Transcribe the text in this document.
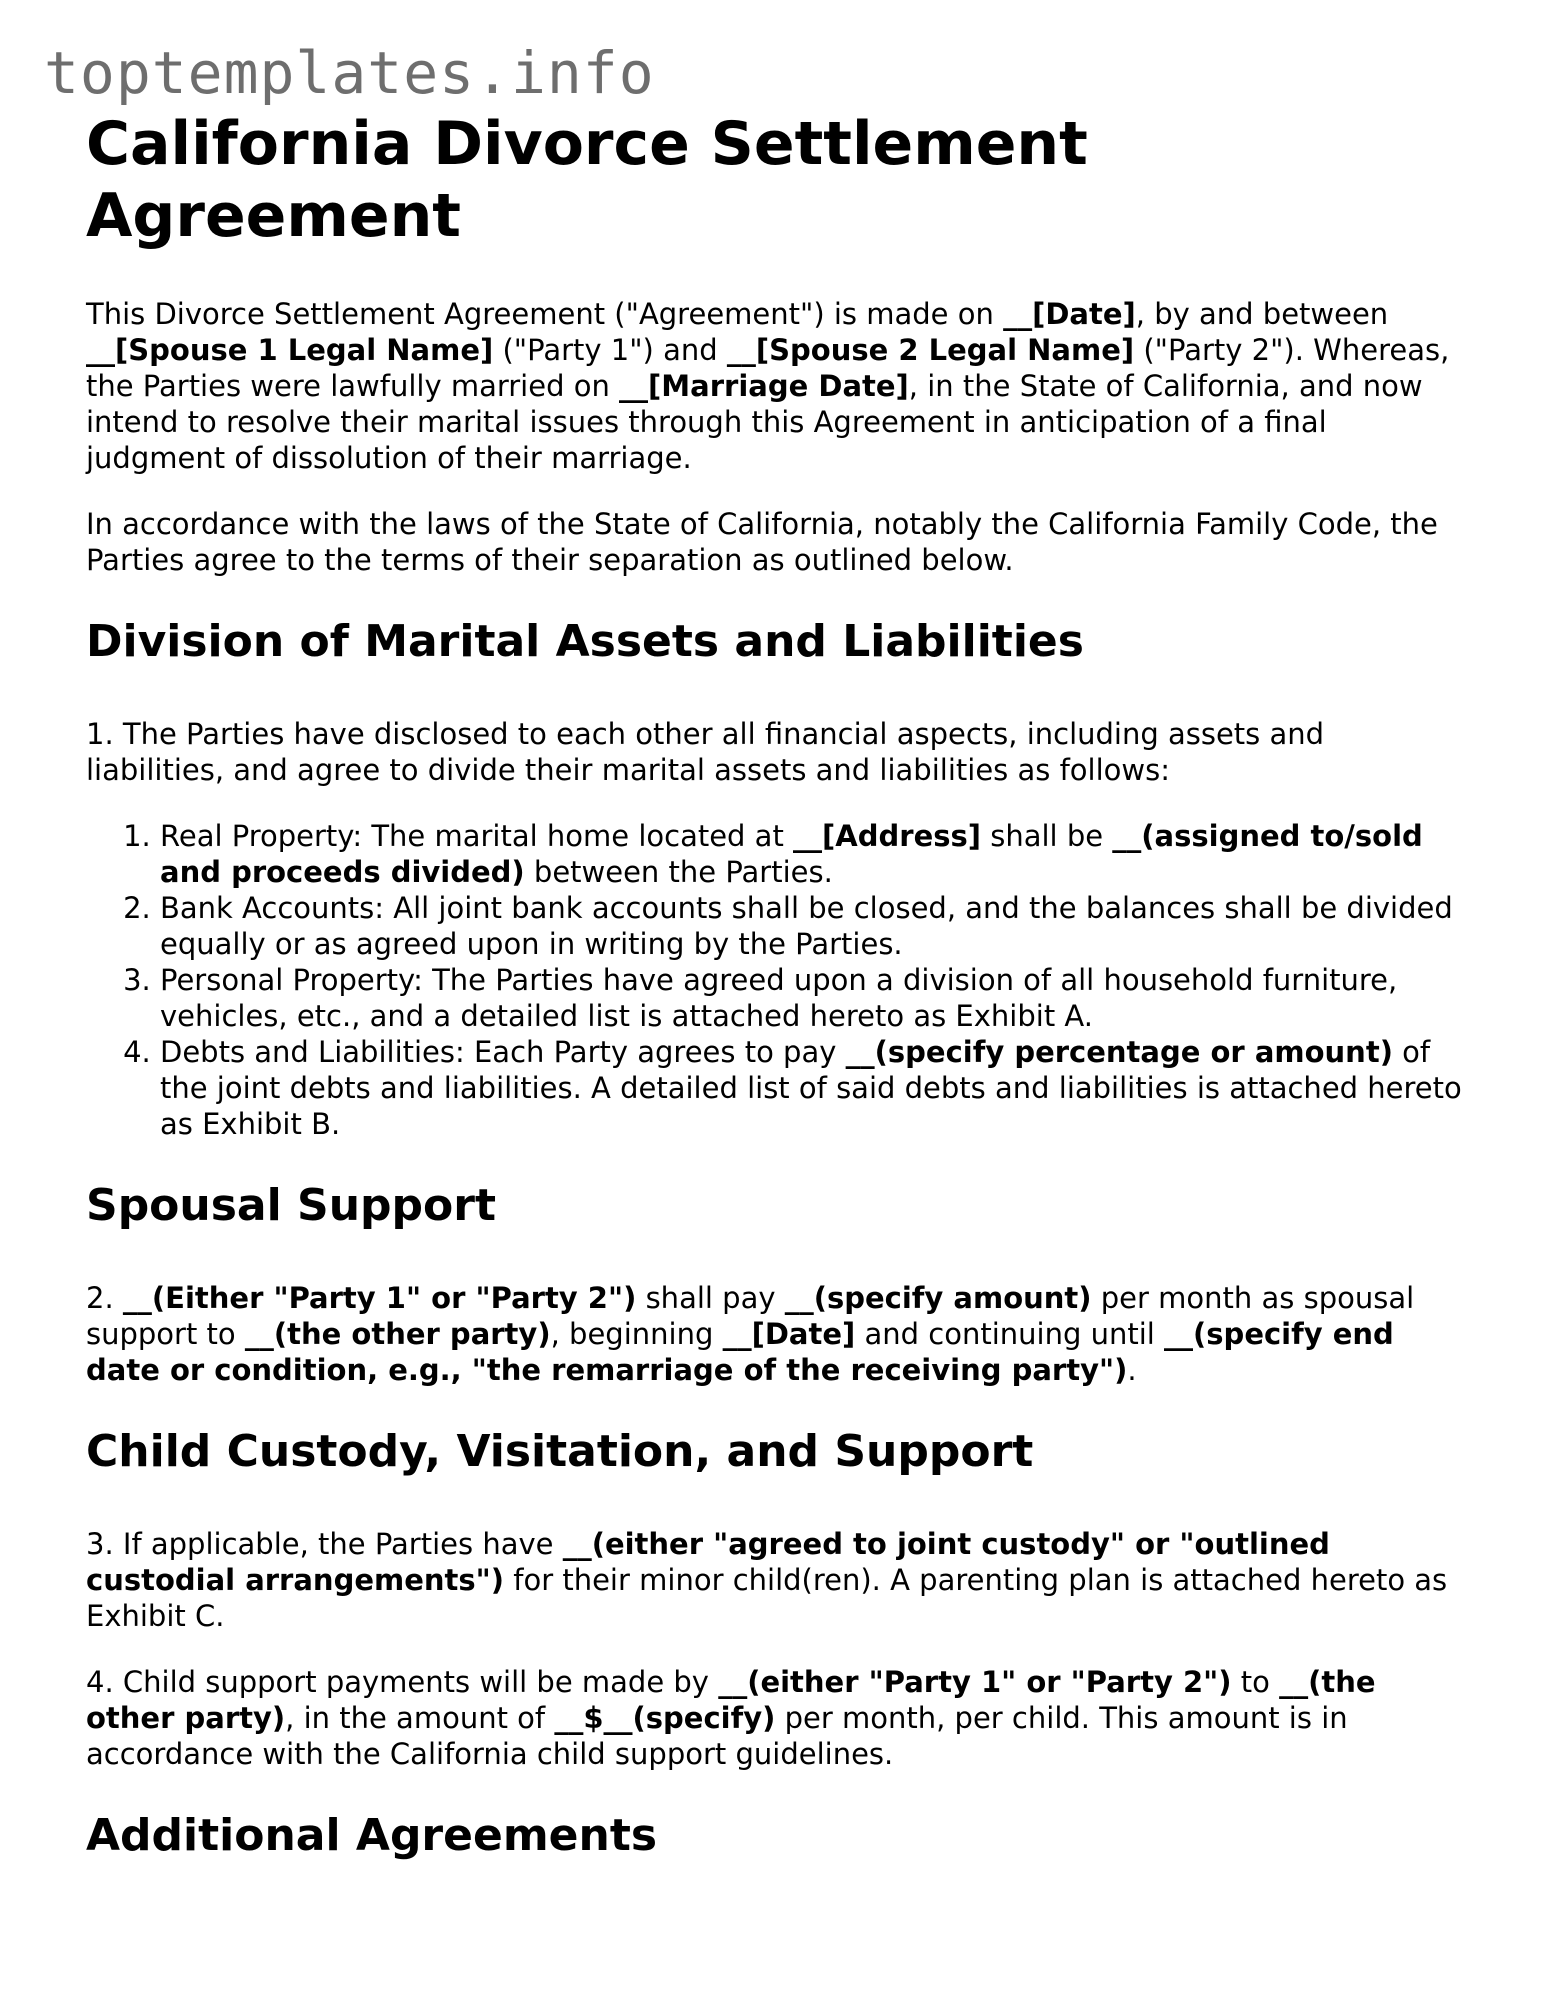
toptemplates.info
California Divorce Settlement Agreement

This Divorce Settlement Agreement ("Agreement") is made on __[Date], by and between __[Spouse 1 Legal Name] ("Party 1") and __[Spouse 2 Legal Name] ("Party 2"). Whereas, the Parties were lawfully married on __[Marriage Date], in the State of California, and now intend to resolve their marital issues through this Agreement in anticipation of a final judgment of dissolution of their marriage.

In accordance with the laws of the State of California, notably the California Family Code, the Parties agree to the terms of their separation as outlined below.

Division of Marital Assets and Liabilities

1. The Parties have disclosed to each other all financial aspects, including assets and liabilities, and agree to divide their marital assets and liabilities as follows:

1. Real Property: The marital home located at __[Address] shall be __(assigned to/sold and proceeds divided) between the Parties.
2. Bank Accounts: All joint bank accounts shall be closed, and the balances shall be divided equally or as agreed upon in writing by the Parties.
3. Personal Property: The Parties have agreed upon a division of all household furniture, vehicles, etc., and a detailed list is attached hereto as Exhibit A.
4. Debts and Liabilities: Each Party agrees to pay __(specify percentage or amount) of the joint debts and liabilities. A detailed list of said debts and liabilities is attached hereto as Exhibit B.
Spousal Support

2. __(Either "Party 1" or "Party 2") shall pay __(specify amount) per month as spousal support to __(the other party), beginning __[Date] and continuing until __(specify end date or condition, e.g., "the remarriage of the receiving party").

Child Custody, Visitation, and Support

3. If applicable, the Parties have __(either "agreed to joint custody" or "outlined custodial arrangements") for their minor child(ren). A parenting plan is attached hereto as Exhibit C.

4. Child support payments will be made by __(either "Party 1" or "Party 2") to __(the other party), in the amount of __$__(specify) per month, per child. This amount is in accordance with the California child support guidelines.

Additional Agreements
